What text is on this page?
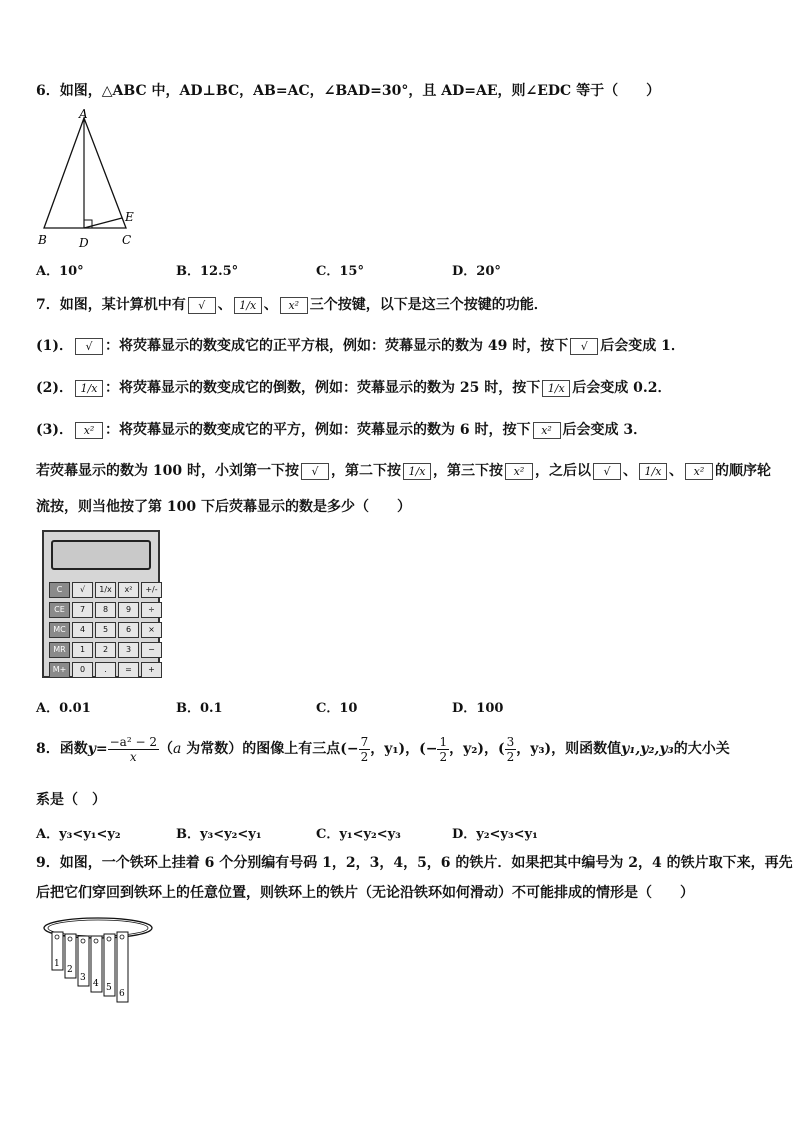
6．如图，△ABC 中，AD⊥BC，AB=AC，∠BAD=30°，且 AD=AE，则∠EDC 等于（　　）
A
B	D	C
E
A．10°	B．12.5°	C．15°	D．20°
7．如图，某计算机中有 √ 、 1/x 、 x² 三个按键，以下是这三个按键的功能．
(1)． √ ：将荧幕显示的数变成它的正平方根，例如：荧幕显示的数为 49 时，按下 √ 后会变成 1．
(2)． 1/x ：将荧幕显示的数变成它的倒数，例如：荧幕显示的数为 25 时，按下 1/x 后会变成 0.2．
(3)． x² ：将荧幕显示的数变成它的平方，例如：荧幕显示的数为 6 时，按下 x² 后会变成 3．
若荧幕显示的数为 100 时，小刘第一下按 √ ，第二下按 1/x ，第三下按 x² ，之后以 √ 、 1/x 、 x² 的顺序轮
流按，则当他按了第 100 下后荧幕显示的数是多少（　　）
C	√	1/x	x²	+/-
CE	7	8	9	÷
MC	4	5	6	×
MR	1	2	3	−
M+	0	.	=	+
A．0.01	B．0.1	C．10	D．100
8．函数$y= \frac{\text{−a² − 2}}{x} (a$ 为常数）的图像上有三点(− $\frac{7}{2}$ ，y₁)，(− $\frac{1}{2}$ ，y₂)，( $\frac{3}{2}$ ，y₃)，则函数值y₁,y₂,y₃的大小关
系是（　）
A．y₃<y₁<y₂	B．y₃<y₂<y₁	C．y₁<y₂<y₃	D．y₂<y₃<y₁
9．如图，一个铁环上挂着 6 个分别编有号码 1，2，3，4，5，6 的铁片．如果把其中编号为 2，4 的铁片取下来，再先
后把它们穿回到铁环上的任意位置，则铁环上的铁片（无论沿铁环如何滑动）不可能排成的情形是（　　）
1
2
3
4 5
6
